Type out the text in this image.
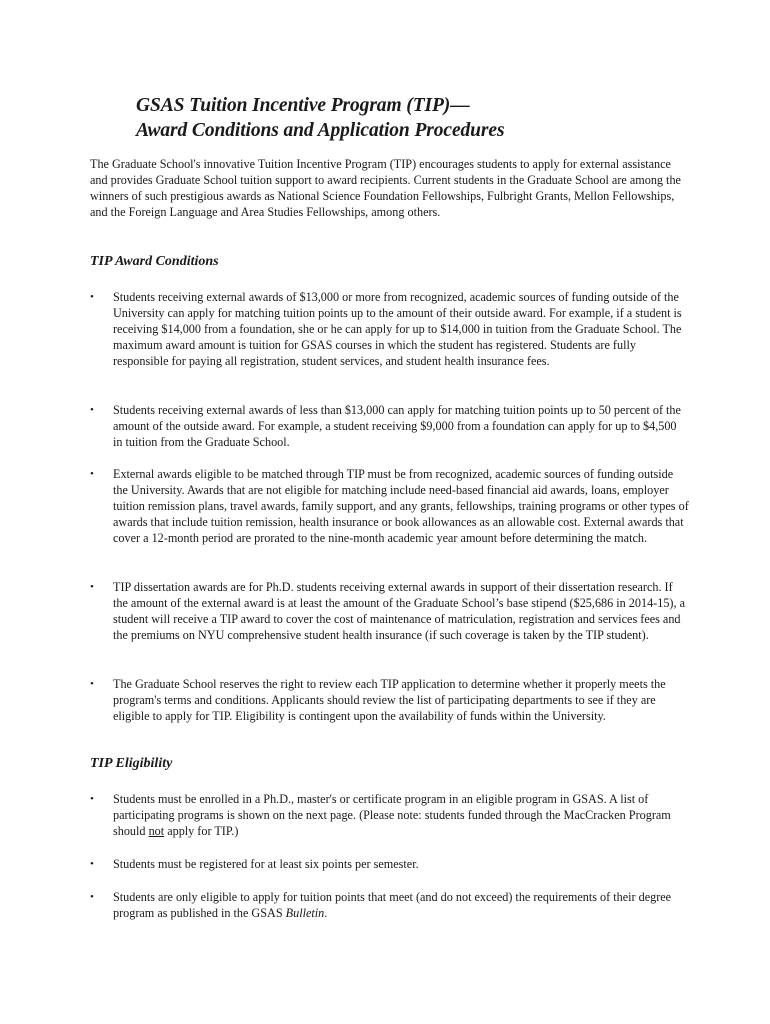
GSAS Tuition Incentive Program (TIP)—
Award Conditions and Application Procedures

The Graduate School's innovative Tuition Incentive Program (TIP) encourages students to apply for external assistance and provides Graduate School tuition support to award recipients. Current students in the Graduate School are among the winners of such prestigious awards as National Science Foundation Fellowships, Fulbright Grants, Mellon Fellowships, and the Foreign Language and Area Studies Fellowships, among others.

TIP Award Conditions
•	Students receiving external awards of $13,000 or more from recognized, academic sources of funding outside of the University can apply for matching tuition points up to the amount of their outside award. For example, if a student is receiving $14,000 from a foundation, she or he can apply for up to $14,000 in tuition from the Graduate School. The maximum award amount is tuition for GSAS courses in which the student has registered. Students are fully responsible for paying all registration, student services, and student health insurance fees.
•	Students receiving external awards of less than $13,000 can apply for matching tuition points up to 50 percent of the amount of the outside award. For example, a student receiving $9,000 from a foundation can apply for up to $4,500 in tuition from the Graduate School.
•	External awards eligible to be matched through TIP must be from recognized, academic sources of funding outside the University. Awards that are not eligible for matching include need-based financial aid awards, loans, employer tuition remission plans, travel awards, family support, and any grants, fellowships, training programs or other types of awards that include tuition remission, health insurance or book allowances as an allowable cost. External awards that cover a 12-month period are prorated to the nine-month academic year amount before determining the match.
•	TIP dissertation awards are for Ph.D. students receiving external awards in support of their dissertation research. If the amount of the external award is at least the amount of the Graduate School’s base stipend ($25,686 in 2014-15), a student will receive a TIP award to cover the cost of maintenance of matriculation, registration and services fees and the premiums on NYU comprehensive student health insurance (if such coverage is taken by the TIP student).
•	The Graduate School reserves the right to review each TIP application to determine whether it properly meets the program's terms and conditions. Applicants should review the list of participating departments to see if they are eligible to apply for TIP. Eligibility is contingent upon the availability of funds within the University.
TIP Eligibility
•	Students must be enrolled in a Ph.D., master's or certificate program in an eligible program in GSAS. A list of participating programs is shown on the next page. (Please note: students funded through the MacCracken Program should not apply for TIP.)
•	Students must be registered for at least six points per semester.
•	Students are only eligible to apply for tuition points that meet (and do not exceed) the requirements of their degree program as published in the GSAS Bulletin.
